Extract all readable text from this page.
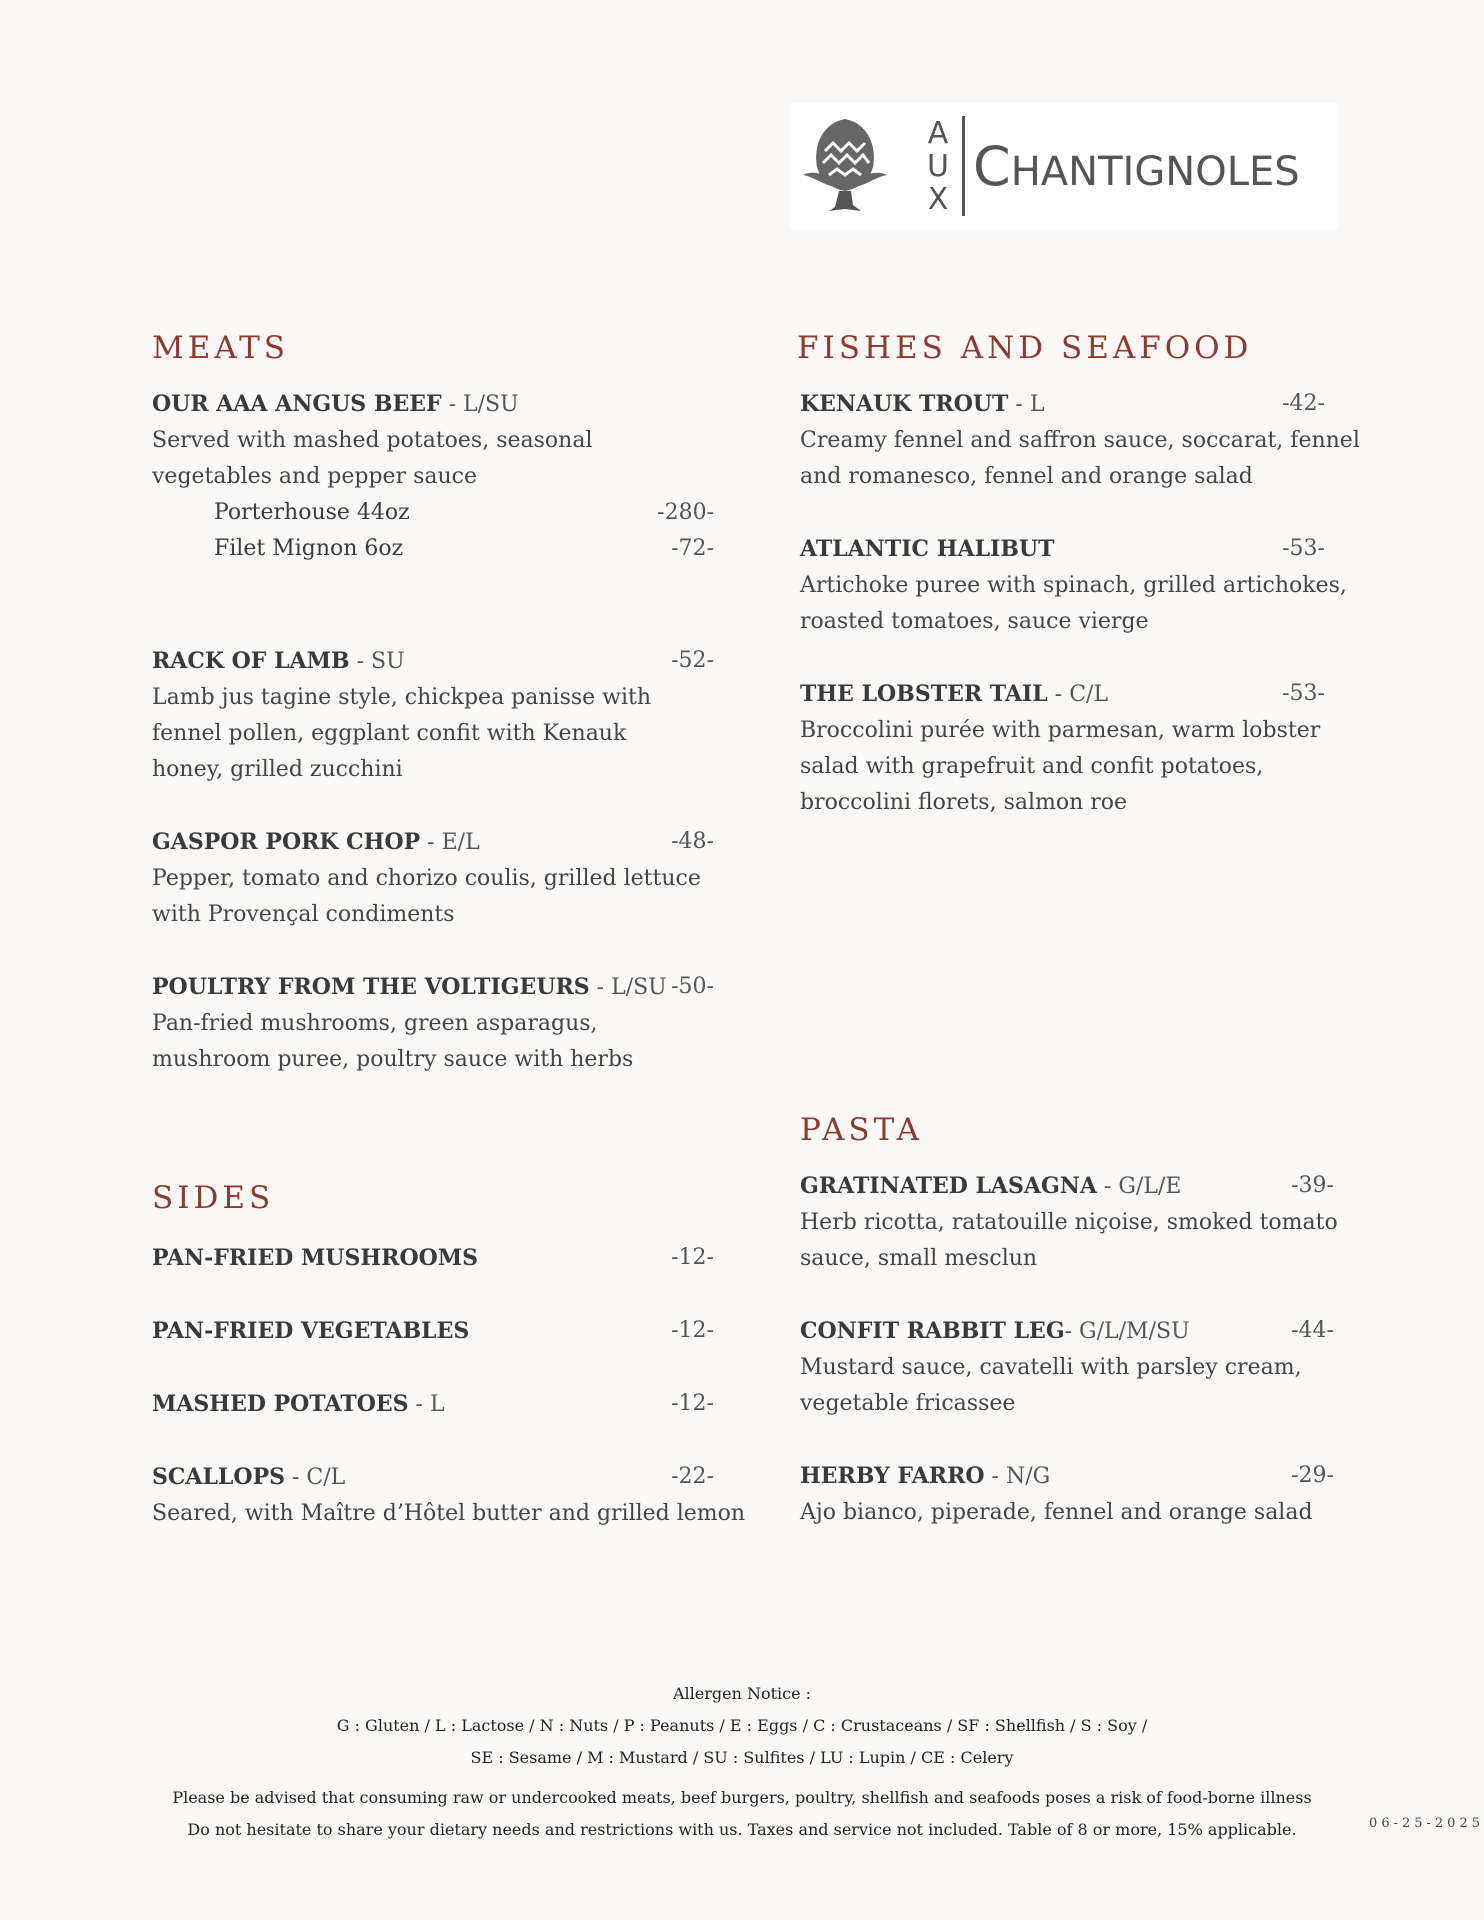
A
U
X
C HANTIGNOLES
MEATS
OUR AAA ANGUS BEEF - L/SU
Served with mashed potatoes, seasonal vegetables and pepper sauce
Porterhouse 44oz	-280-
Filet Mignon 6oz	-72-
RACK OF LAMB - SU	-52-
Lamb jus tagine style, chickpea panisse with fennel pollen, eggplant confit with Kenauk honey, grilled zucchini
GASPOR PORK CHOP - E/L	-48-
Pepper, tomato and chorizo coulis, grilled lettuce with Provençal condiments
POULTRY FROM THE VOLTIGEURS - L/SU -50-
Pan-fried mushrooms, green asparagus, mushroom puree, poultry sauce with herbs
FISHES AND SEAFOOD
KENAUK TROUT - L	-42-
Creamy fennel and saffron sauce, soccarat, fennel and romanesco, fennel and orange salad
ATLANTIC HALIBUT	-53-
Artichoke puree with spinach, grilled artichokes, roasted tomatoes, sauce vierge
THE LOBSTER TAIL - C/L	-53-
Broccolini purée with parmesan, warm lobster salad with grapefruit and confit potatoes, broccolini florets, salmon roe
SIDES
PAN-FRIED MUSHROOMS	-12-
PAN-FRIED VEGETABLES	-12-
MASHED POTATOES - L	-12-
SCALLOPS - C/L	-22-
Seared, with Maître d’Hôtel butter and grilled lemon
PASTA
GRATINATED LASAGNA - G/L/E	-39-
Herb ricotta, ratatouille niçoise, smoked tomato sauce, small mesclun
CONFIT RABBIT LEG- G/L/M/SU	-44-
Mustard sauce, cavatelli with parsley cream, vegetable fricassee
HERBY FARRO - N/G	-29-
Ajo bianco, piperade, fennel and orange salad
Allergen Notice :
G : Gluten / L : Lactose / N : Nuts / P : Peanuts / E : Eggs / C : Crustaceans / SF : Shellfish / S : Soy /
SE : Sesame / M : Mustard / SU : Sulfites / LU : Lupin / CE : Celery
Please be advised that consuming raw or undercooked meats, beef burgers, poultry, shellfish and seafoods poses a risk of food-borne illness
Do not hesitate to share your dietary needs and restrictions with us. Taxes and service not included. Table of 8 or more, 15% applicable.	06-25-2025
